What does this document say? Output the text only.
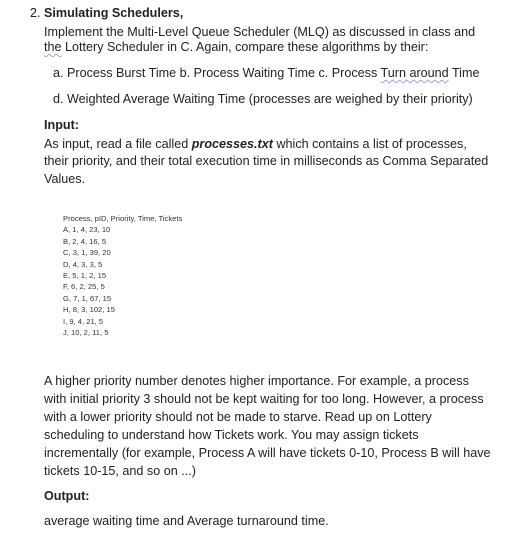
2. Simulating Schedulers,
Implement the Multi-Level Queue Scheduler (MLQ) as discussed in class and
the Lottery Scheduler in C. Again, compare these algorithms by their:
a. Process Burst Time b. Process Waiting Time c. Process Turn around Time
d. Weighted Average Waiting Time (processes are weighed by their priority)
Input:
As input, read a file called processes.txt which contains a list of processes,
their priority, and their total execution time in milliseconds as Comma Separated
Values.
Process, pID, Priority, Time, Tickets
A, 1, 4, 23, 10
B, 2, 4, 16, 5
C, 3, 1, 39, 20
D, 4, 3, 3, 5
E, 5, 1, 2, 15
F, 6, 2, 25, 5
G, 7, 1, 67, 15
H, 8, 3, 102, 15
I, 9, 4, 21, 5
J, 10, 2, 11, 5
A higher priority number denotes higher importance. For example, a process
with initial priority 3 should not be kept waiting for too long. However, a process
with a lower priority should not be made to starve. Read up on Lottery
scheduling to understand how Tickets work. You may assign tickets
incrementally (for example, Process A will have tickets 0-10, Process B will have
tickets 10-15, and so on ...)
Output:
average waiting time and Average turnaround time.
